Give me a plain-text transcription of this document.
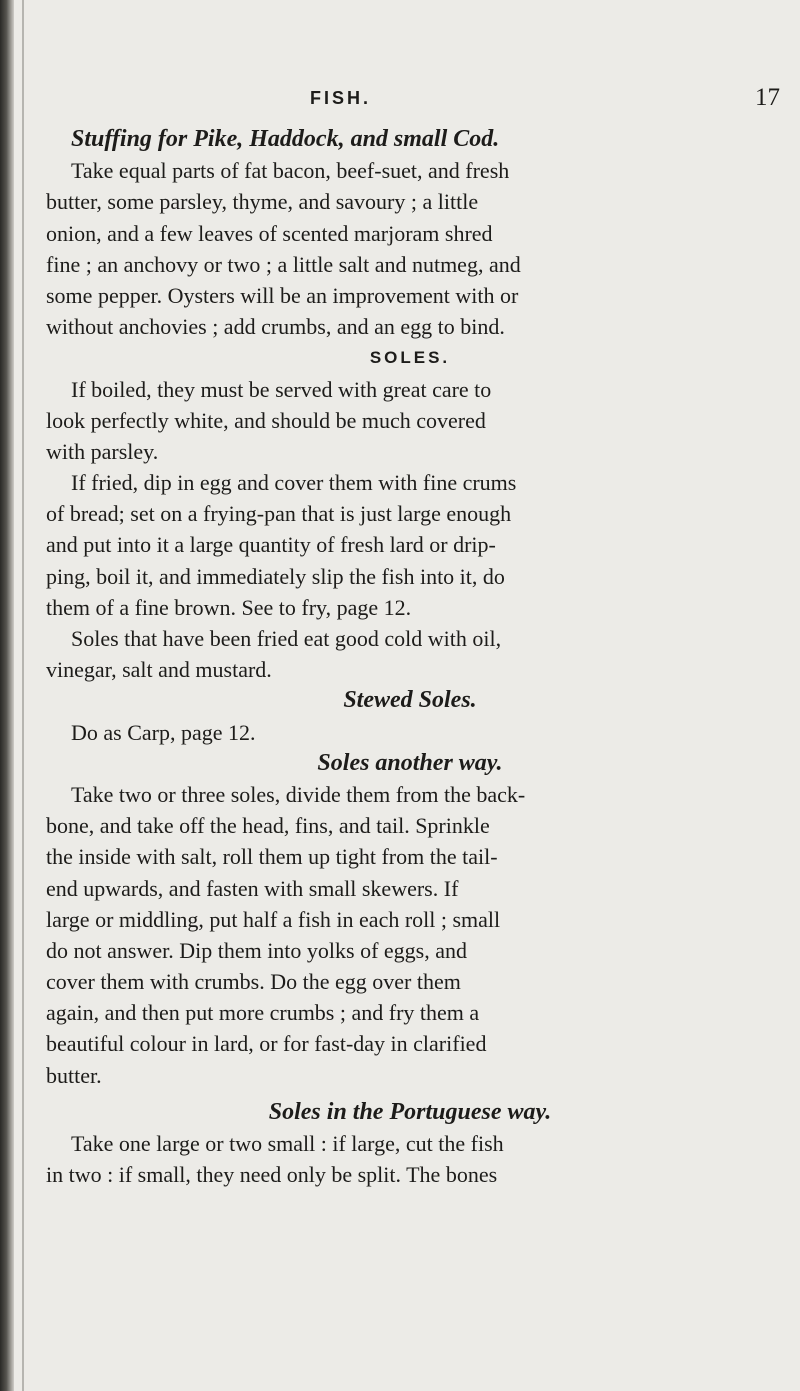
FISH.	17
Stuffing for Pike, Haddock, and small Cod.
Take equal parts of fat bacon, beef-suet, and fresh
butter, some parsley, thyme, and savoury ; a little
onion, and a few leaves of scented marjoram shred
fine ; an anchovy or two ; a little salt and nutmeg, and
some pepper. Oysters will be an improvement with or
without anchovies ; add crumbs, and an egg to bind.
SOLES.
If boiled, they must be served with great care to
look perfectly white, and should be much covered
with parsley.
If fried, dip in egg and cover them with fine crums
of bread; set on a frying-pan that is just large enough
and put into it a large quantity of fresh lard or drip-
ping, boil it, and immediately slip the fish into it, do
them of a fine brown. See to fry, page 12.
Soles that have been fried eat good cold with oil,
vinegar, salt and mustard.
Stewed Soles.
Do as Carp, page 12.
Soles another way.
Take two or three soles, divide them from the back-
bone, and take off the head, fins, and tail. Sprinkle
the inside with salt, roll them up tight from the tail-
end upwards, and fasten with small skewers. If
large or middling, put half a fish in each roll ; small
do not answer. Dip them into yolks of eggs, and
cover them with crumbs. Do the egg over them
again, and then put more crumbs ; and fry them a
beautiful colour in lard, or for fast-day in clarified
butter.
Soles in the Portuguese way.
Take one large or two small : if large, cut the fish
in two : if small, they need only be split. The bones
